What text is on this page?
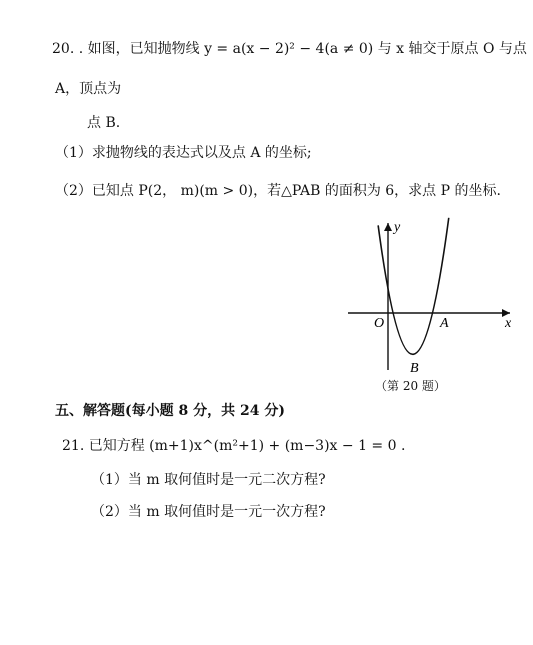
20. . 如图，已知抛物线 y = a(x − 2)² − 4(a ≠ 0) 与 x 轴交于原点 O 与点
A，顶点为
点 B.
（1）求抛物线的表达式以及点 A 的坐标;
（2）已知点 P(2， m)(m > 0)，若△PAB 的面积为 6，求点 P 的坐标.
y
x
O	A
B
（第 20 题）
五、解答题(每小题 8 分，共 24 分)
21. 已知方程 (m+1)x^(m²+1) + (m−3)x − 1 = 0 .
（1）当 m 取何值时是一元二次方程?
（2）当 m 取何值时是一元一次方程?
